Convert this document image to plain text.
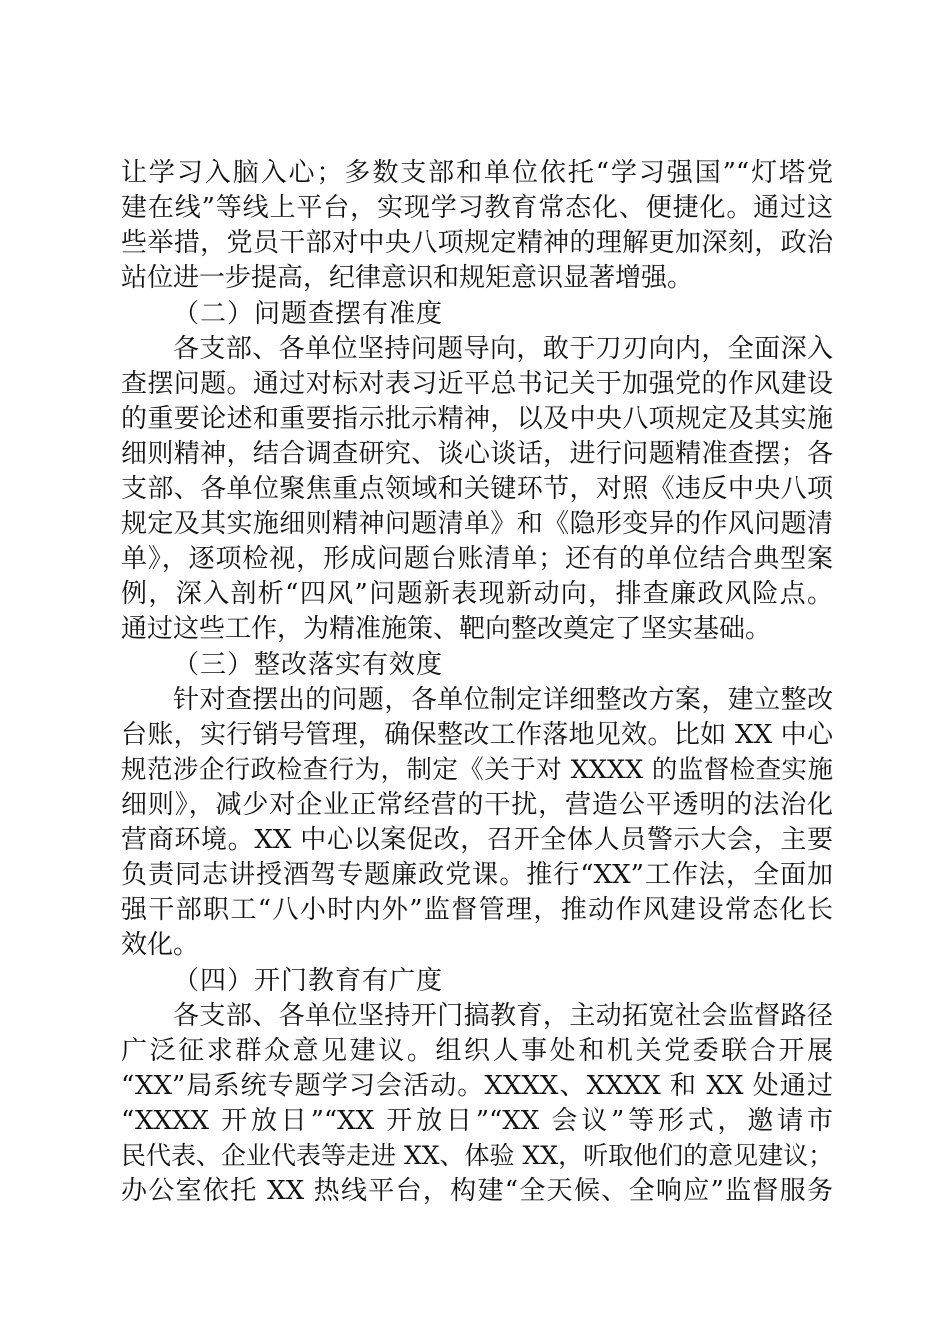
让学习入脑入心；多数支部和单位依托“学习强国”“灯塔党
建在线”等线上平台，实现学习教育常态化、便捷化。通过这
些举措，党员干部对中央八项规定精神的理解更加深刻，政治
站位进一步提高，纪律意识和规矩意识显著增强。
（二）问题查摆有准度
各支部、各单位坚持问题导向，敢于刀刃向内，全面深入
查摆问题。通过对标对表习近平总书记关于加强党的作风建设
的重要论述和重要指示批示精神，以及中央八项规定及其实施
细则精神，结合调查研究、谈心谈话，进行问题精准查摆；各
支部、各单位聚焦重点领域和关键环节，对照《违反中央八项
规定及其实施细则精神问题清单》和《隐形变异的作风问题清
单》，逐项检视，形成问题台账清单；还有的单位结合典型案
例，深入剖析“四风”问题新表现新动向，排查廉政风险点。
通过这些工作，为精准施策、靶向整改奠定了坚实基础。
（三）整改落实有效度
针对查摆出的问题，各单位制定详细整改方案，建立整改
台账，实行销号管理，确保整改工作落地见效。比如 XX 中心
规范涉企行政检查行为，制定《关于对 XXXX 的监督检查实施
细则》，减少对企业正常经营的干扰，营造公平透明的法治化
营商环境。XX 中心以案促改，召开全体人员警示大会，主要
负责同志讲授酒驾专题廉政党课。推行“XX”工作法，全面加
强干部职工“八小时内外”监督管理，推动作风建设常态化长
效化。
（四）开门教育有广度
各支部、各单位坚持开门搞教育，主动拓宽社会监督路径
广泛征求群众意见建议。组织人事处和机关党委联合开展
“XX”局系统专题学习会活动。XXXX、XXXX 和 XX 处通过
“XXXX 开放日”“XX 开放日”“XX 会议”等形式，邀请市
民代表、企业代表等走进 XX、体验 XX，听取他们的意见建议；
办公室依托 XX 热线平台，构建“全天候、全响应”监督服务
